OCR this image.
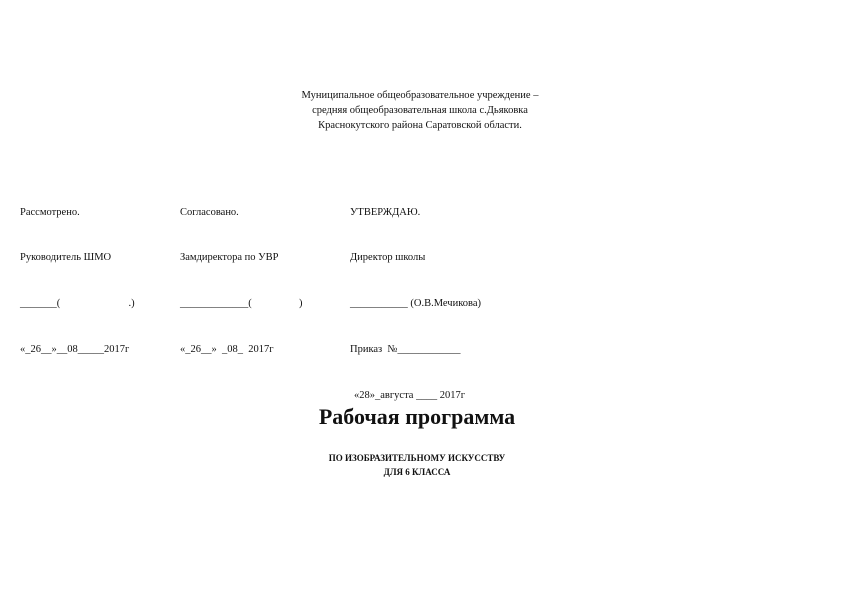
Муниципальное общеобразовательное учреждение –
средняя общеобразовательная школа с.Дьяковка
Краснокутского района Саратовской области.

Рассмотрено.

Руководитель ШМО

_______(                          .)

«_26__»__08_____2017г

Согласовано.

Замдиректора по УВР

_____________(                  )

«_26__»  _08_  2017г

УТВЕРЖДАЮ.

Директор школы

___________ (О.В.Мечикова)

Приказ  №____________

«28»_августа ____ 2017г

Рабочая программа
ПО ИЗОБРАЗИТЕЛЬНОМУ ИСКУССТВУ
ДЛЯ 6 КЛАССА
